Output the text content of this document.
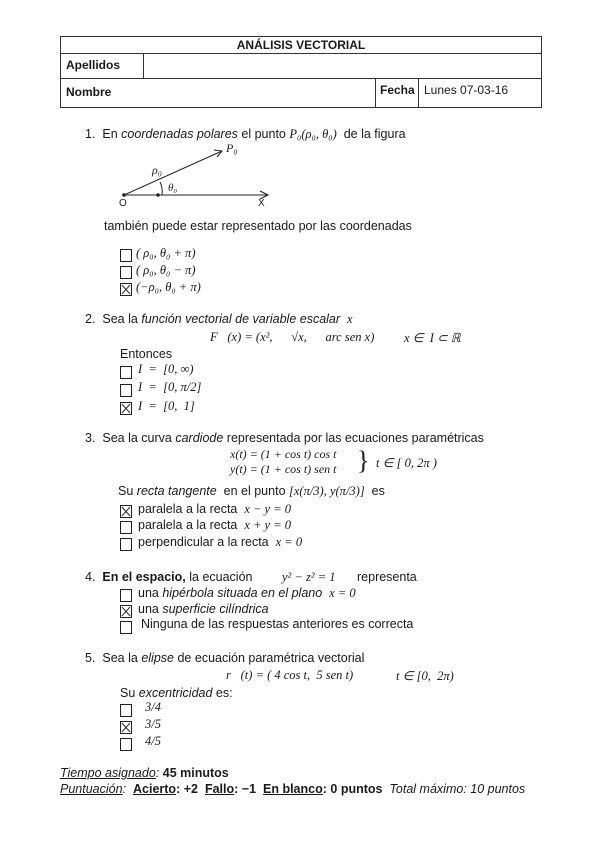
ANÁLISIS VECTORIAL
Apellidos
Nombre	Fecha Lunes 07-03-16
1. En coordenadas polares el punto P₀(ρ₀, θ₀) de la figura
ρ₀
θ₀
P₀
O	X
también puede estar representado por las coordenadas
( ρ₀, θ₀ + π)
( ρ₀, θ₀ − π)
(−ρ₀, θ₀ + π)
2. Sea la función vectorial de variable escalar x
F⃗(x) = (x²,      √x,      arc sen x) x ∈  I ⊂ ℝ
Entonces
I  =  [0, ∞)
I  =  [0, π/2]
I  =  [0,  1]
3. Sea la curva cardiode representada por las ecuaciones paramétricas
x(t) = (1 + cos t) cos t
y(t) = (1 + cos t) sen t } t ∈ [ 0, 2π )
Su recta tangente en el punto [x(π/3), y(π/3)] es
paralela a la recta x − y = 0
paralela a la recta x + y = 0
perpendicular a la recta x = 0
4. En el espacio, la ecuación y² − z² = 1 representa
una hipérbola situada en el plano x = 0
una superficie cilíndrica
Ninguna de las respuestas anteriores es correcta
5. Sea la elipse de ecuación paramétrica vectorial
r⃗(t) = ( 4 cos t,  5 sen t)	t ∈ [0,  2π)
Su excentricidad es:
3/4
3/5
4/5
Tiempo asignado: 45 minutos
Puntuación: Acierto: +2 Fallo: −1 En blanco: 0 puntos Total máximo: 10 puntos
